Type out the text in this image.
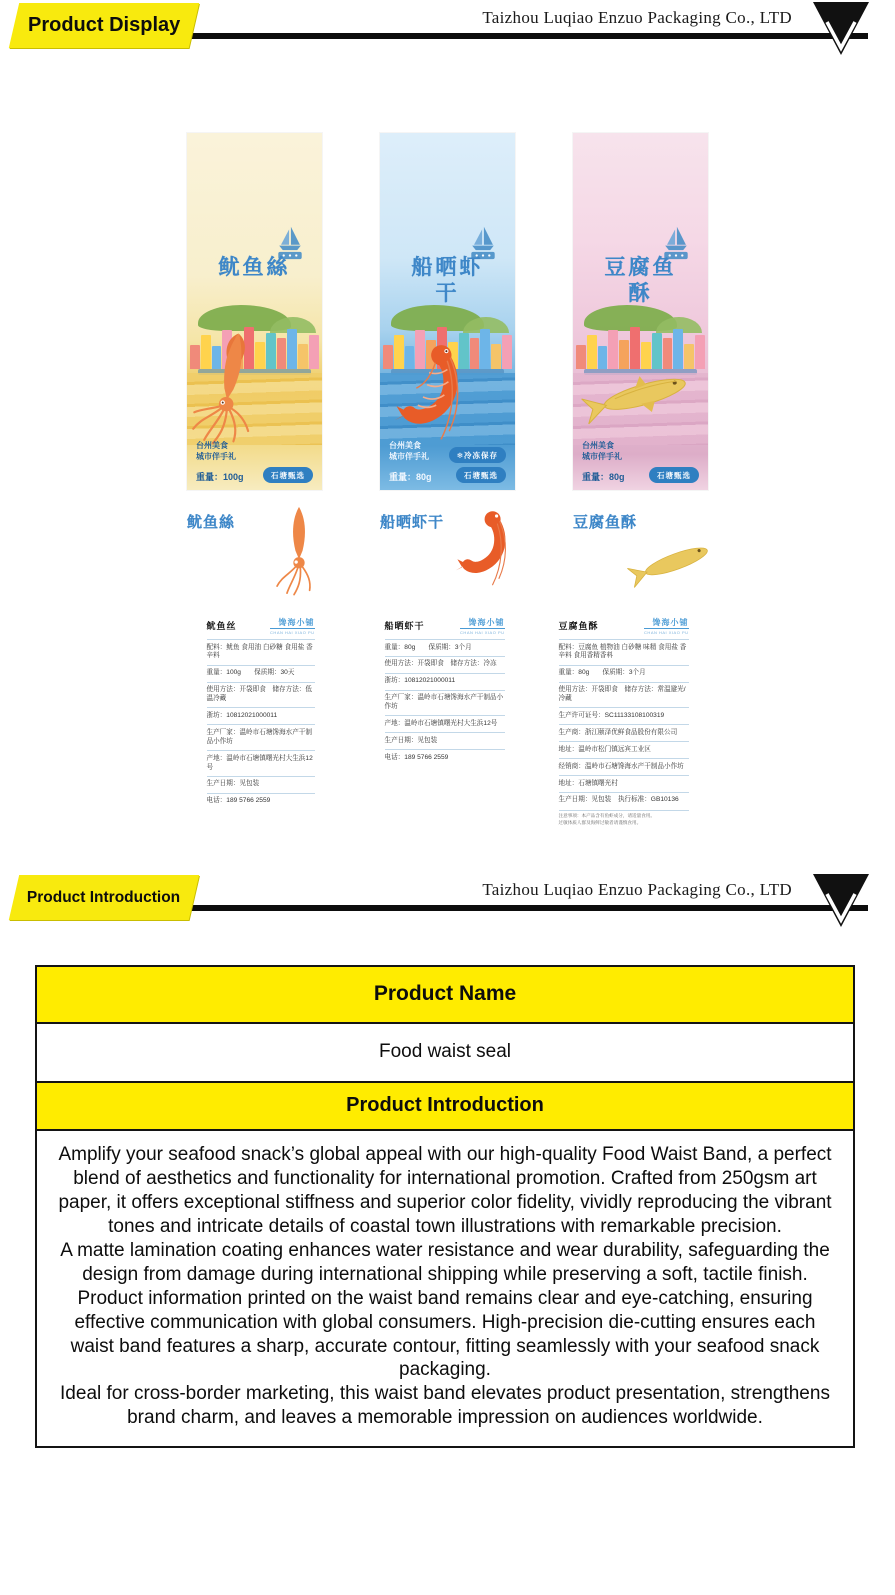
Product Display	Taizhou Luqiao Enzuo Packaging Co., LTD
鱿鱼絲
台州美食
城市伴手礼
重量：100g	石塘甄选
船晒虾干
台州美食
城市伴手礼
重量：80g
❄冷冻保存
石塘甄选
豆腐鱼酥
台州美食
城市伴手礼
重量：80g	石塘甄选
鱿鱼絲	船晒虾干	豆腐鱼酥
鱿鱼丝	馋海小铺
CHAN HAI XIAO PU
配料：鱿鱼 食用油 白砂糖 食用盐 香辛料
重量：100g　　保质期：30天
使用方法：开袋即食　储存方法：低温冷藏
浙坊：10812021000011
生产厂家：温岭市石塘馋海水产干制品小作坊
产地：温岭市石塘镇曙光村大生浜12号
生产日期：见包装
电话：189 5766 2559
船晒虾干	馋海小铺
CHAN HAI XIAO PU
重量：80g　　保质期：3个月
使用方法：开袋即食　储存方法：冷冻
浙坊：10812021000011
生产厂家：温岭市石塘馋海水产干制品小作坊
产地：温岭市石塘镇曙光村大生浜12号
生产日期：见包装
电话：189 5766 2559
豆腐鱼酥	馋海小铺
CHAN HAI XIAO PU
配料：豆腐鱼 植物油 白砂糖 味精 食用盐 香辛料 食用香精香料
重量：80g　　保质期：3个月
使用方法：开袋即食　储存方法：常温避光/冷藏
生产许可证号：SC11133108100319
生产商：浙江颐泽优鲜食品股份有限公司
地址：温岭市松门镇远宾工业区
经销商：温岭市石塘馋海水产干制品小作坊
地址：石塘镇曙光村
生产日期：见包装　执行标准：GB10136
注意事项：本产品含有鱼虾成分，请适量食用。
过敏体质人群及海鲜过敏者请谨慎食用。
Product Introduction	Taizhou Luqiao Enzuo Packaging Co., LTD
Product Name
Food waist seal
Product Introduction

Amplify your seafood snack’s global appeal with our high-quality Food Waist Band, a perfect blend of aesthetics and functionality for international promotion. Crafted from 250gsm art paper, it offers exceptional stiffness and superior color fidelity, vividly reproducing the vibrant tones and intricate details of coastal town illustrations with remarkable precision.

A matte lamination coating enhances water resistance and wear durability, safeguarding the design from damage during international shipping while preserving a soft, tactile finish. Product information printed on the waist band remains clear and eye-catching, ensuring effective communication with global consumers. High-precision die-cutting ensures each waist band features a sharp, accurate contour, fitting seamlessly with your seafood snack packaging.

Ideal for cross-border marketing, this waist band elevates product presentation, strengthens brand charm, and leaves a memorable impression on audiences worldwide.
